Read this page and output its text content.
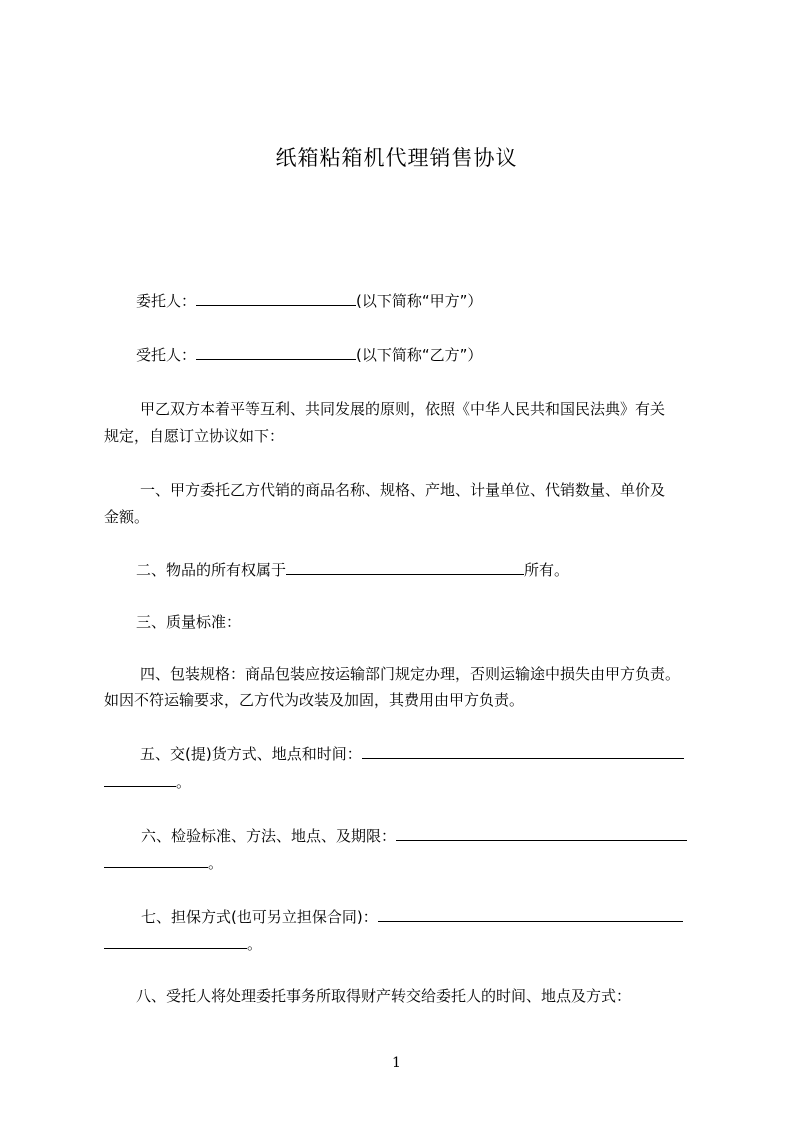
纸箱粘箱机代理销售协议
委托人：	(以下简称“甲方”）
受托人：	(以下简称“乙方”）
甲乙双方本着平等互利、共同发展的原则，依照《中华人民共和国民法典》有关
规定，自愿订立协议如下：
一、甲方委托乙方代销的商品名称、规格、产地、计量单位、代销数量、单价及
金额。
二、物品的所有权属于	所有。
三、质量标准：
四、包装规格：商品包装应按运输部门规定办理，否则运输途中损失由甲方负责。
如因不符运输要求，乙方代为改装及加固，其费用由甲方负责。
五、交(提)货方式、地点和时间：
。
六、检验标准、方法、地点、及期限：
。
七、担保方式(也可另立担保合同)：
。
八、受托人将处理委托事务所取得财产转交给委托人的时间、地点及方式：
1
